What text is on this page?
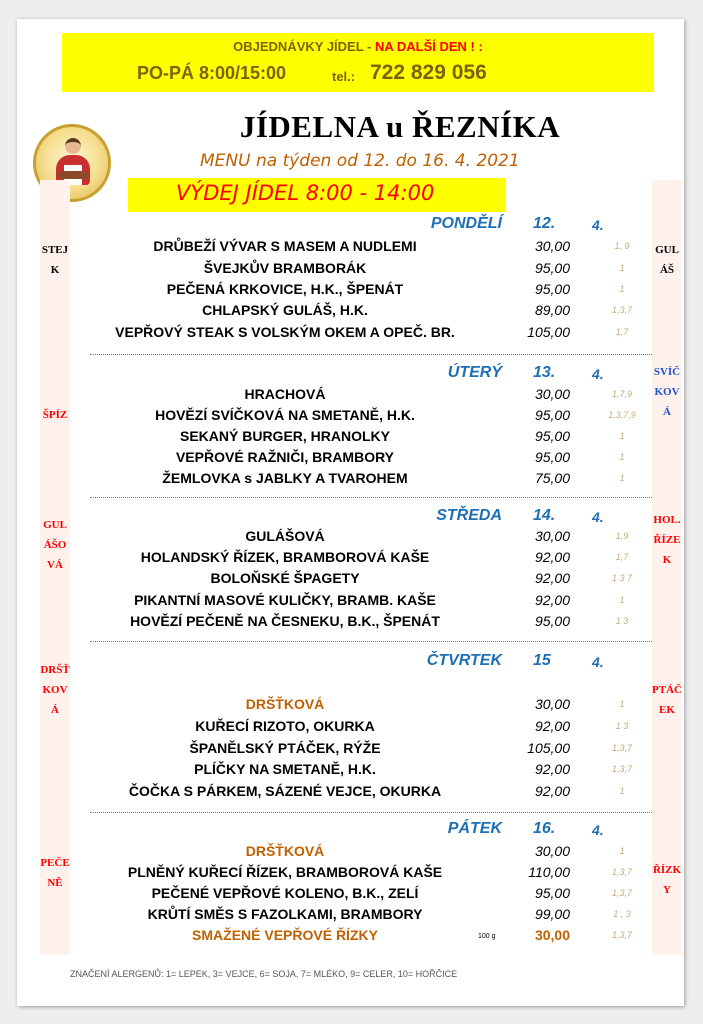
OBJEDNÁVKY JÍDEL - NA DALŠÍ DEN ! :
PO-PÁ 8:00/15:00	tel.: 722 829 056
JÍDELNA u ŘEZNÍKA
MENU na týden od 12. do 16. 4. 2021
VÝDEJ JÍDEL 8:00 - 14:00
STEJK
ŠPÍZ
GULÁŠOVÁ
DRŠŤKOVÁ
PEČENĚ
GULÁŠ
SVÍČKOVÁ
HOL.ŘÍZEK
PTÁČEK
ŘÍZKY
PONDĚLÍ 12.	4.
DRŮBEŽÍ VÝVAR S MASEM A NUDLEMI	30,00	1, 9
ŠVEJKŮV BRAMBORÁK	95,00	1
PEČENÁ KRKOVICE, H.K., ŠPENÁT	95,00	1
CHLAPSKÝ GULÁŠ, H.K.	89,00	1,3,7
VEPŘOVÝ STEAK S VOLSKÝM OKEM A OPEČ. BR.	105,00	1,7
ÚTERÝ 13.	4.
HRACHOVÁ	30,00	1,7,9
HOVĚZÍ SVÍČKOVÁ NA SMETANĚ, H.K.	95,00	1,3,7,9
SEKANÝ BURGER, HRANOLKY	95,00	1
VEPŘOVÉ RAŽNIČI, BRAMBORY	95,00	1
ŽEMLOVKA s JABLKY A TVAROHEM	75,00	1
STŘEDA 14.	4.
GULÁŠOVÁ	30,00	1,9
HOLANDSKÝ ŘÍZEK, BRAMBOROVÁ KAŠE	92,00	1,7
BOLOŇSKÉ ŠPAGETY	92,00	1 3 7
PIKANTNÍ MASOVÉ KULIČKY, BRAMB. KAŠE	92,00	1
HOVĚZÍ PEČENĚ NA ČESNEKU, B.K., ŠPENÁT	95,00	1 3
ČTVRTEK 15	4.
DRŠŤKOVÁ	30,00	1
KUŘECÍ RIZOTO, OKURKA	92,00	1 3
ŠPANĚLSKÝ PTÁČEK, RÝŽE	105,00	1,3,7
PLÍČKY NA SMETANĚ, H.K.	92,00	1,3,7
ČOČKA S PÁRKEM, SÁZENÉ VEJCE, OKURKA	92,00	1
PÁTEK 16.	4.
DRŠŤKOVÁ	30,00	1
PLNĚNÝ KUŘECÍ ŘÍZEK, BRAMBOROVÁ KAŠE	110,00	1,3,7
PEČENÉ VEPŘOVÉ KOLENO, B.K., ZELÍ	95,00	1,3,7
KRŮTÍ SMĚS S FAZOLKAMI, BRAMBORY	99,00	1 , 3
SMAŽENÉ VEPŘOVÉ ŘÍZKY	30,00	1,3,7
100 g
ZNAČENÍ ALERGENŮ: 1= LEPEK, 3= VEJCE, 6= SOJA, 7= MLÉKO, 9= CELER, 10= HOŘČICE
